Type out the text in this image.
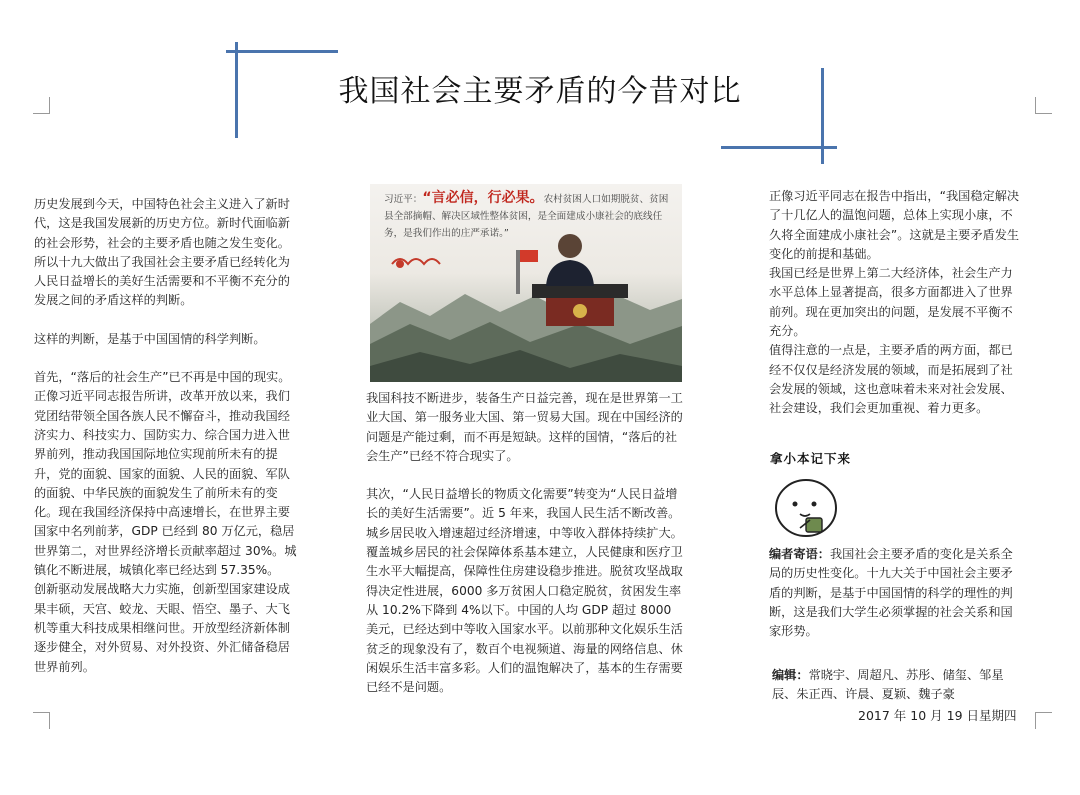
我国社会主要矛盾的今昔对比

历史发展到今天，中国特色社会主义进入了新时代，这是我国发展新的历史方位。新时代面临新的社会形势，社会的主要矛盾也随之发生变化。所以十九大做出了我国社会主要矛盾已经转化为人民日益增长的美好生活需要和不平衡不充分的发展之间的矛盾这样的判断。

这样的判断，是基于中国国情的科学判断。

首先，“落后的社会生产”已不再是中国的现实。正像习近平同志报告所讲，改革开放以来，我们党团结带领全国各族人民不懈奋斗，推动我国经济实力、科技实力、国防实力、综合国力进入世界前列，推动我国国际地位实现前所未有的提升，党的面貌、国家的面貌、人民的面貌、军队的面貌、中华民族的面貌发生了前所未有的变化。现在我国经济保持中高速增长，在世界主要国家中名列前茅，GDP 已经到 80 万亿元，稳居世界第二，对世界经济增长贡献率超过 30%。城镇化不断进展，城镇化率已经达到 57.35%。

创新驱动发展战略大力实施，创新型国家建设成果丰硕，天宫、蛟龙、天眼、悟空、墨子、大飞机等重大科技成果相继问世。开放型经济新体制逐步健全，对外贸易、对外投资、外汇储备稳居世界前列。

习近平：“言必信，行必果。农村贫困人口如期脱贫、贫困县全部摘帽、解决区域性整体贫困，是全面建成小康社会的底线任务，是我们作出的庄严承诺。”

我国科技不断进步，装备生产日益完善，现在是世界第一工业大国、第一服务业大国、第一贸易大国。现在中国经济的问题是产能过剩，而不再是短缺。这样的国情，“落后的社会生产”已经不符合现实了。

其次，“人民日益增长的物质文化需要”转变为“人民日益增长的美好生活需要”。近 5 年来，我国人民生活不断改善。城乡居民收入增速超过经济增速，中等收入群体持续扩大。

覆盖城乡居民的社会保障体系基本建立，人民健康和医疗卫生水平大幅提高，保障性住房建设稳步推进。脱贫攻坚战取得决定性进展，6000 多万贫困人口稳定脱贫，贫困发生率从 10.2%下降到 4%以下。中国的人均 GDP 超过 8000 美元，已经达到中等收入国家水平。以前那种文化娱乐生活贫乏的现象没有了，数百个电视频道、海量的网络信息、休闲娱乐生活丰富多彩。人们的温饱解决了，基本的生存需要已经不是问题。

正像习近平同志在报告中指出，“我国稳定解决了十几亿人的温饱问题，总体上实现小康，不久将全面建成小康社会”。这就是主要矛盾发生变化的前提和基础。

我国已经是世界上第二大经济体，社会生产力水平总体上显著提高，很多方面都进入了世界前列。现在更加突出的问题，是发展不平衡不充分。

值得注意的一点是，主要矛盾的两方面，都已经不仅仅是经济发展的领域，而是拓展到了社会发展的领域，这也意味着未来对社会发展、社会建设，我们会更加重视、着力更多。

拿小本记下来

编者寄语：我国社会主要矛盾的变化是关系全局的历史性变化。十九大关于中国社会主要矛盾的判断，是基于中国国情的科学的理性的判断，这是我们大学生必须掌握的社会关系和国家形势。

编辑：常晓宇、周超凡、苏彤、储玺、邹星辰、朱正西、许晨、夏颖、魏子豪

2017 年 10 月 19 日星期四
